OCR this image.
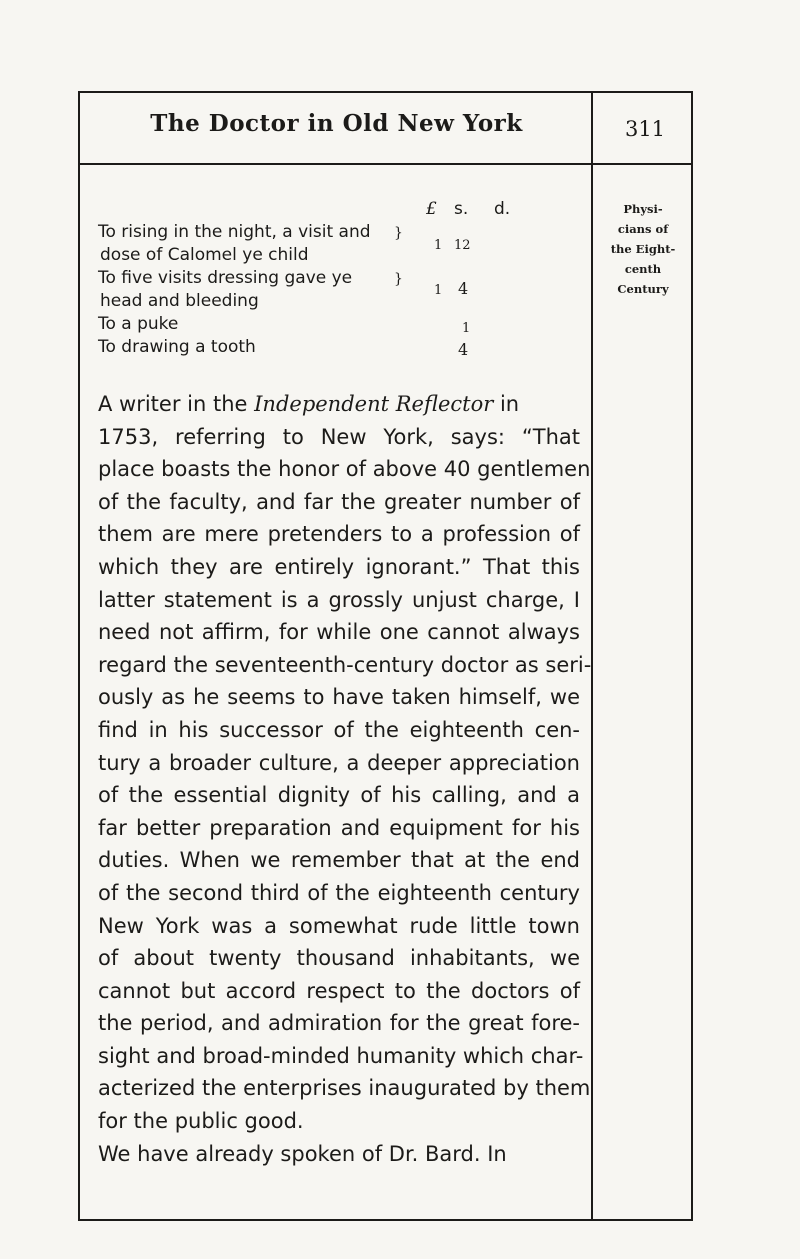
The Doctor in Old New York	311
Physi-
cians of
the Eight-
centh
Century
£ s. d.
To rising in the night, a visit and
dose of Calomel ye child
}
1 12
To five visits dressing gave ye
head and bleeding
}
1 4
To a puke	1
To drawing a tooth	4
A writer in the Independent Reflector in
1753, referring to New York, says: “That
place boasts the honor of above 40 gentlemen
of the faculty, and far the greater number of
them are mere pretenders to a profession of
which they are entirely ignorant.” That this
latter statement is a grossly unjust charge, I
need not affirm, for while one cannot always
regard the seventeenth-century doctor as seri-
ously as he seems to have taken himself, we
find in his successor of the eighteenth cen-
tury a broader culture, a deeper appreciation
of the essential dignity of his calling, and a
far better preparation and equipment for his
duties. When we remember that at the end
of the second third of the eighteenth century
New York was a somewhat rude little town
of about twenty thousand inhabitants, we
cannot but accord respect to the doctors of
the period, and admiration for the great fore-
sight and broad-minded humanity which char-
acterized the enterprises inaugurated by them
for the public good.
We have already spoken of Dr. Bard. In
